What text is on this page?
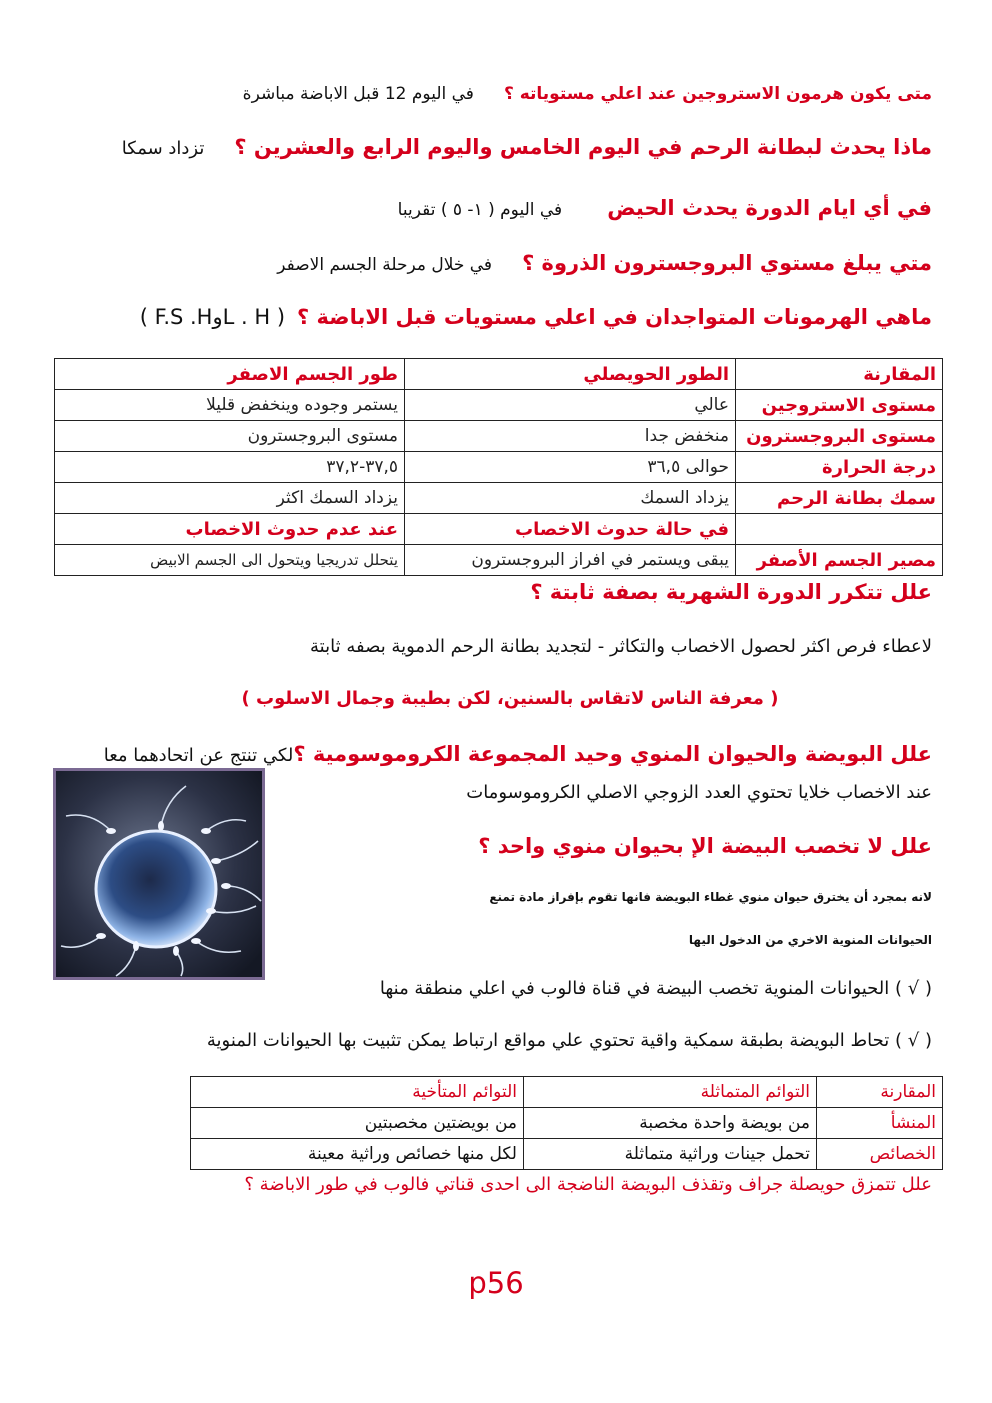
متى يكون هرمون الاستروجين عند اعلي مستوياته ؟في اليوم 12 قبل الاباضة مباشرة
ماذا يحدث لبطانة الرحم في اليوم الخامس واليوم الرابع والعشرين ؟تزداد سمكا
في أي ايام الدورة يحدث الحيضفي اليوم ( ١- ٥ ) تقريبا
متي يبلغ مستوي البروجسترون الذروة ؟في خلال مرحلة الجسم الاصفر
ماهي الهرمونات المتواجدان في اعلي مستويات قبل الاباضة ؟( L . HوF.S .H )
المقارنة	الطور الحويصلي	طور الجسم الاصفر
مستوى الاستروجين	عالي	يستمر وجوده وينخفض قليلا
مستوى البروجسترون	منخفض جدا	مستوى البروجسترون
درجة الحرارة	حوالى ٣٦,٥	٣٧,٥-٣٧,٢
سمك بطانة الرحم	يزداد السمك	يزداد السمك اكثر
	في حالة حدوث الاخصاب	عند عدم حدوث الاخصاب
مصير الجسم الأصفر	يبقى ويستمر في افراز البروجسترون	يتحلل تدريجيا ويتحول الى الجسم الابيض
علل تتكرر الدورة الشهرية بصفة ثابتة ؟
لاعطاء فرص اكثر لحصول الاخصاب والتكاثر - لتجديد بطانة الرحم الدموية بصفه ثابتة
( معرفة الناس لاتقاس بالسنين، لكن بطيبة وجمال الاسلوب )
علل البويضة والحيوان المنوي وحيد المجموعة الكروموسومية ؟لكي تنتج عن اتحادهما معا
عند الاخصاب خلايا تحتوي العدد الزوجي الاصلي الكروموسومات
علل لا تخصب البيضة الإ بحيوان منوي واحد ؟
لانه بمجرد أن يخترق حيوان منوي غطاء البويضة فانها تقوم بإفراز مادة تمنع
الحيوانات المنوية الاخري من الدخول اليها
( √ ) الحيوانات المنوية تخصب البيضة في قناة فالوب في اعلي منطقة منها
( √ ) تحاط البويضة بطبقة سمكية واقية تحتوي علي مواقع ارتباط يمكن تثبيت بها الحيوانات المنوية
المقارنة	التوائم المتماثلة	التوائم المتأخية
المنشأ	من بويضة واحدة مخصبة	من بويضتين مخصبتين
الخصائص	تحمل جينات وراثية متماثلة	لكل منها خصائص وراثية معينة
علل تتمزق حويصلة جراف وتقذف البويضة الناضجة الى احدى قناتي فالوب في طور الاباضة ؟
p56
